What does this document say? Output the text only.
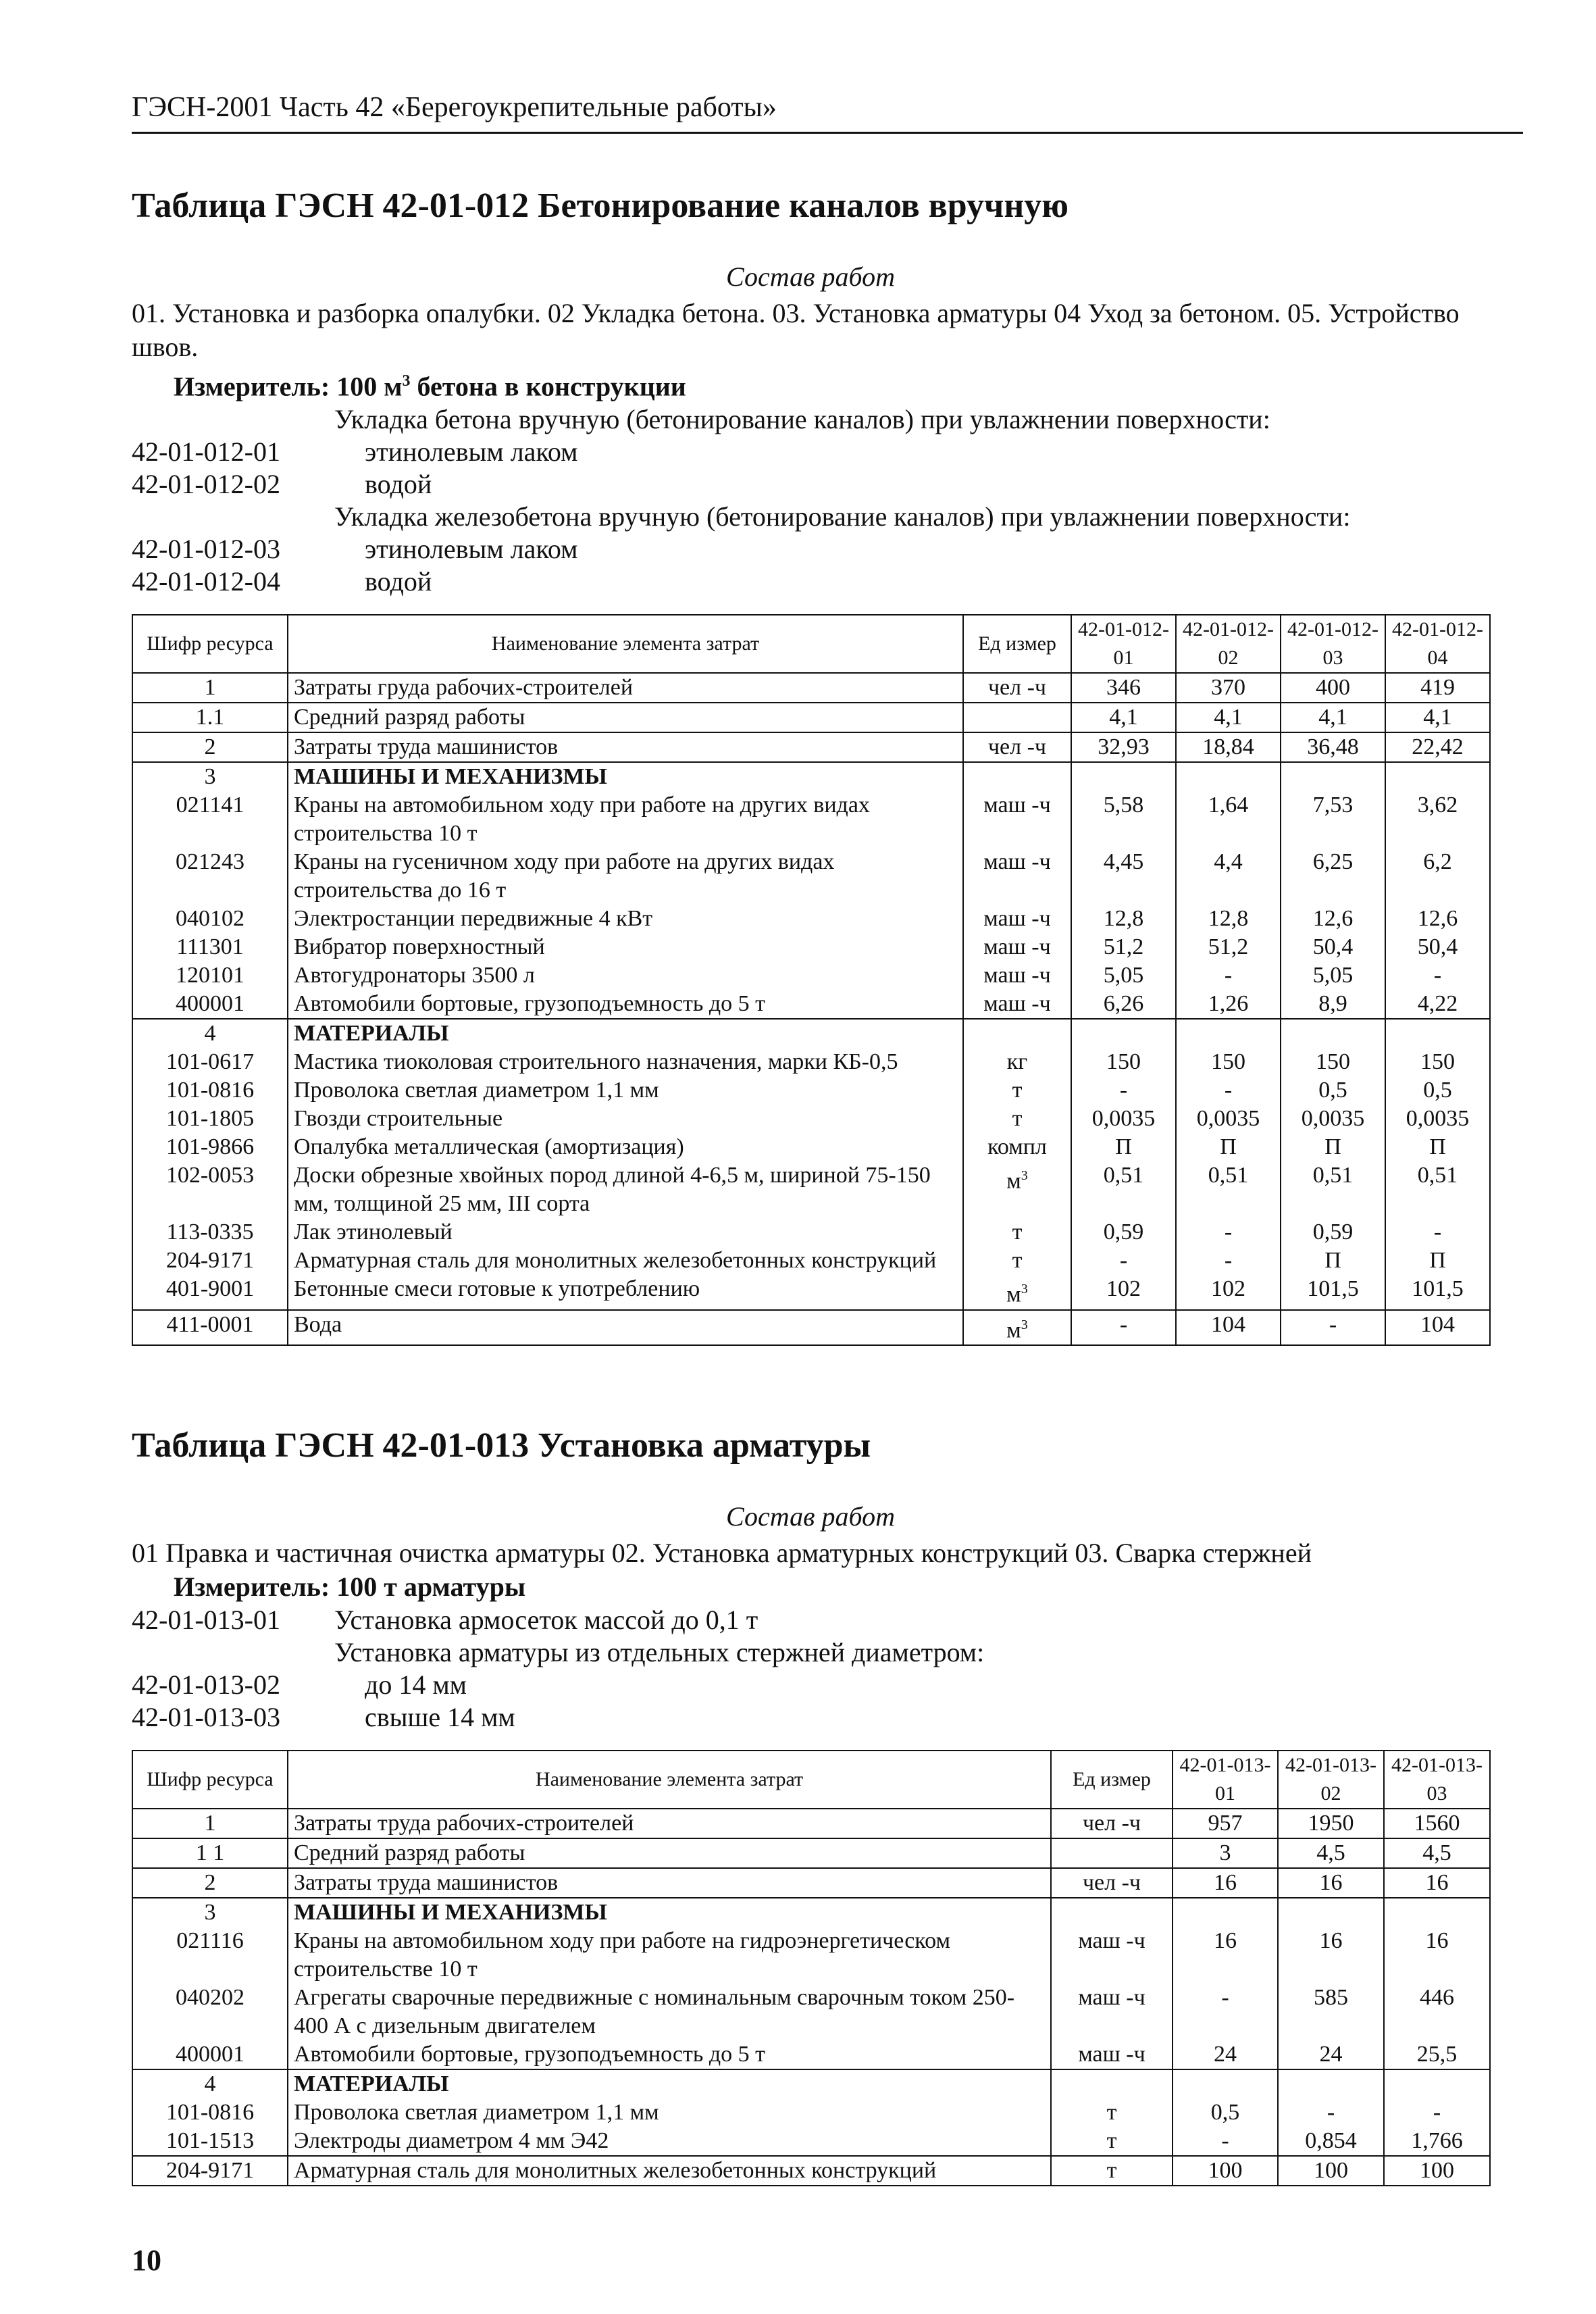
ГЭСН-2001 Часть 42 «Берегоукрепительные работы»
Таблица ГЭСН 42-01-012 Бетонирование каналов вручную
Состав работ
01. Установка и разборка опалубки. 02 Укладка бетона. 03. Установка арматуры 04 Уход за бетоном. 05. Устройство швов.
Измеритель: 100 $м^3$ бетона в конструкции
Укладка бетона вручную (бетонирование каналов) при увлажнении поверхности:
42-01-012-01	этинолевым лаком
42-01-012-02	водой
Укладка железобетона вручную (бетонирование каналов) при увлажнении поверхности:
42-01-012-03	этинолевым лаком
42-01-012-04	водой
Шифр ресурса	Наименование элемента затрат	Ед измер	42-01-012-01	42-01-012-02	42-01-012-03	42-01-012-04
1	Затраты груда рабочих-строителей	чел -ч	346	370	400	419
1.1	Средний разряд работы		4,1	4,1	4,1	4,1
2	Затраты труда машинистов	чел -ч	32,93	18,84	36,48	22,42
3	МАШИНЫ И МЕХАНИЗМЫ					
021141	Краны на автомобильном ходу при работе на других видах строительства 10 т	маш -ч	5,58	1,64	7,53	3,62
021243	Краны на гусеничном ходу при работе на других видах строительства до 16 т	маш -ч	4,45	4,4	6,25	6,2
040102	Электростанции передвижные 4 кВт	маш -ч	12,8	12,8	12,6	12,6
111301	Вибратор поверхностный	маш -ч	51,2	51,2	50,4	50,4
120101	Автогудронаторы 3500 л	маш -ч	5,05	-	5,05	-
400001	Автомобили бортовые, грузоподъемность до 5 т	маш -ч	6,26	1,26	8,9	4,22
4	МАТЕРИАЛЫ					
101-0617	Мастика тиоколовая строительного назначения, марки КБ-0,5	кг	150	150	150	150
101-0816	Проволока светлая диаметром 1,1 мм	т	-	-	0,5	0,5
101-1805	Гвозди строительные	т	0,0035	0,0035	0,0035	0,0035
101-9866	Опалубка металлическая (амортизация)	компл	П	П	П	П
102-0053	Доски обрезные хвойных пород длиной 4-6,5 м, шириной 75-150 мм, толщиной 25 мм, III сорта	$м^3$	0,51	0,51	0,51	0,51
113-0335	Лак этинолевый	т	0,59	-	0,59	-
204-9171	Арматурная сталь для монолитных железобетонных конструкций	т	-	-	П	П
401-9001	Бетонные смеси готовые к употреблению	$м^3$	102	102	101,5	101,5
411-0001	Вода	$м^3$	-	104	-	104
Таблица ГЭСН 42-01-013 Установка арматуры
Состав работ
01 Правка и частичная очистка арматуры 02. Установка арматурных конструкций 03. Сварка стержней
Измеритель: 100 т арматуры
42-01-013-01	Установка армосеток массой до 0,1 т
Установка арматуры из отдельных стержней диаметром:
42-01-013-02	до 14 мм
42-01-013-03	свыше 14 мм
Шифр ресурса	Наименование элемента затрат	Ед измер	42-01-013-01	42-01-013-02	42-01-013-03
1	Затраты труда рабочих-строителей	чел -ч	957	1950	1560
1 1	Средний разряд работы		3	4,5	4,5
2	Затраты труда машинистов	чел -ч	16	16	16
3	МАШИНЫ И МЕХАНИЗМЫ				
021116	Краны на автомобильном ходу при работе на гидроэнергетическом строительстве 10 т	маш -ч	16	16	16
040202	Агрегаты сварочные передвижные с номинальным сварочным током 250-400 А с дизельным двигателем	маш -ч	-	585	446
400001	Автомобили бортовые, грузоподъемность до 5 т	маш -ч	24	24	25,5
4	МАТЕРИАЛЫ				
101-0816	Проволока светлая диаметром 1,1 мм	т	0,5	-	-
101-1513	Электроды диаметром 4 мм Э42	т	-	0,854	1,766
204-9171	Арматурная сталь для монолитных железобетонных конструкций	т	100	100	100
10
